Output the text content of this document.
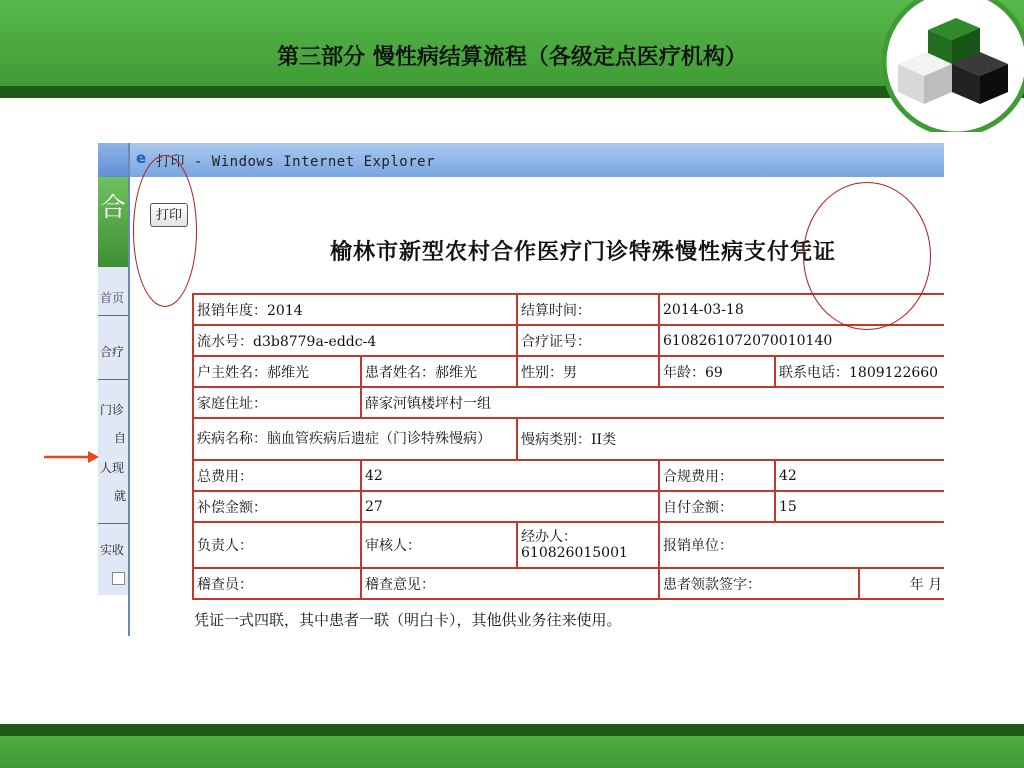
第三部分 慢性病结算流程（各级定点医疗机构）
合
首页
合疗
门诊
自
人现
就
实收
e 打印 - Windows Internet Explorer
打印
榆林市新型农村合作医疗门诊特殊慢性病支付凭证
报销年度：2014		结算时间：	2014-03-18		
流水号：d3b8779a-eddc-4		合疗证号：	6108261072070010140		
户主姓名：郝维光	患者姓名：郝维光	性别：男	年龄：69	联系电话：1809122660	
家庭住址：	薛家河镇楼坪村一组				
疾病名称：脑血管疾病后遗症（门诊特殊慢病）		慢病类别：II类			
总费用：	42		合规费用：	42	
补偿金额：	27		自付金额：	15	
负责人：	审核人：	经办人：610826015001	报销单位：		
稽查员：	稽查意见：		患者领款签字：		年 月
凭证一式四联，其中患者一联（明白卡），其他供业务往来使用。
